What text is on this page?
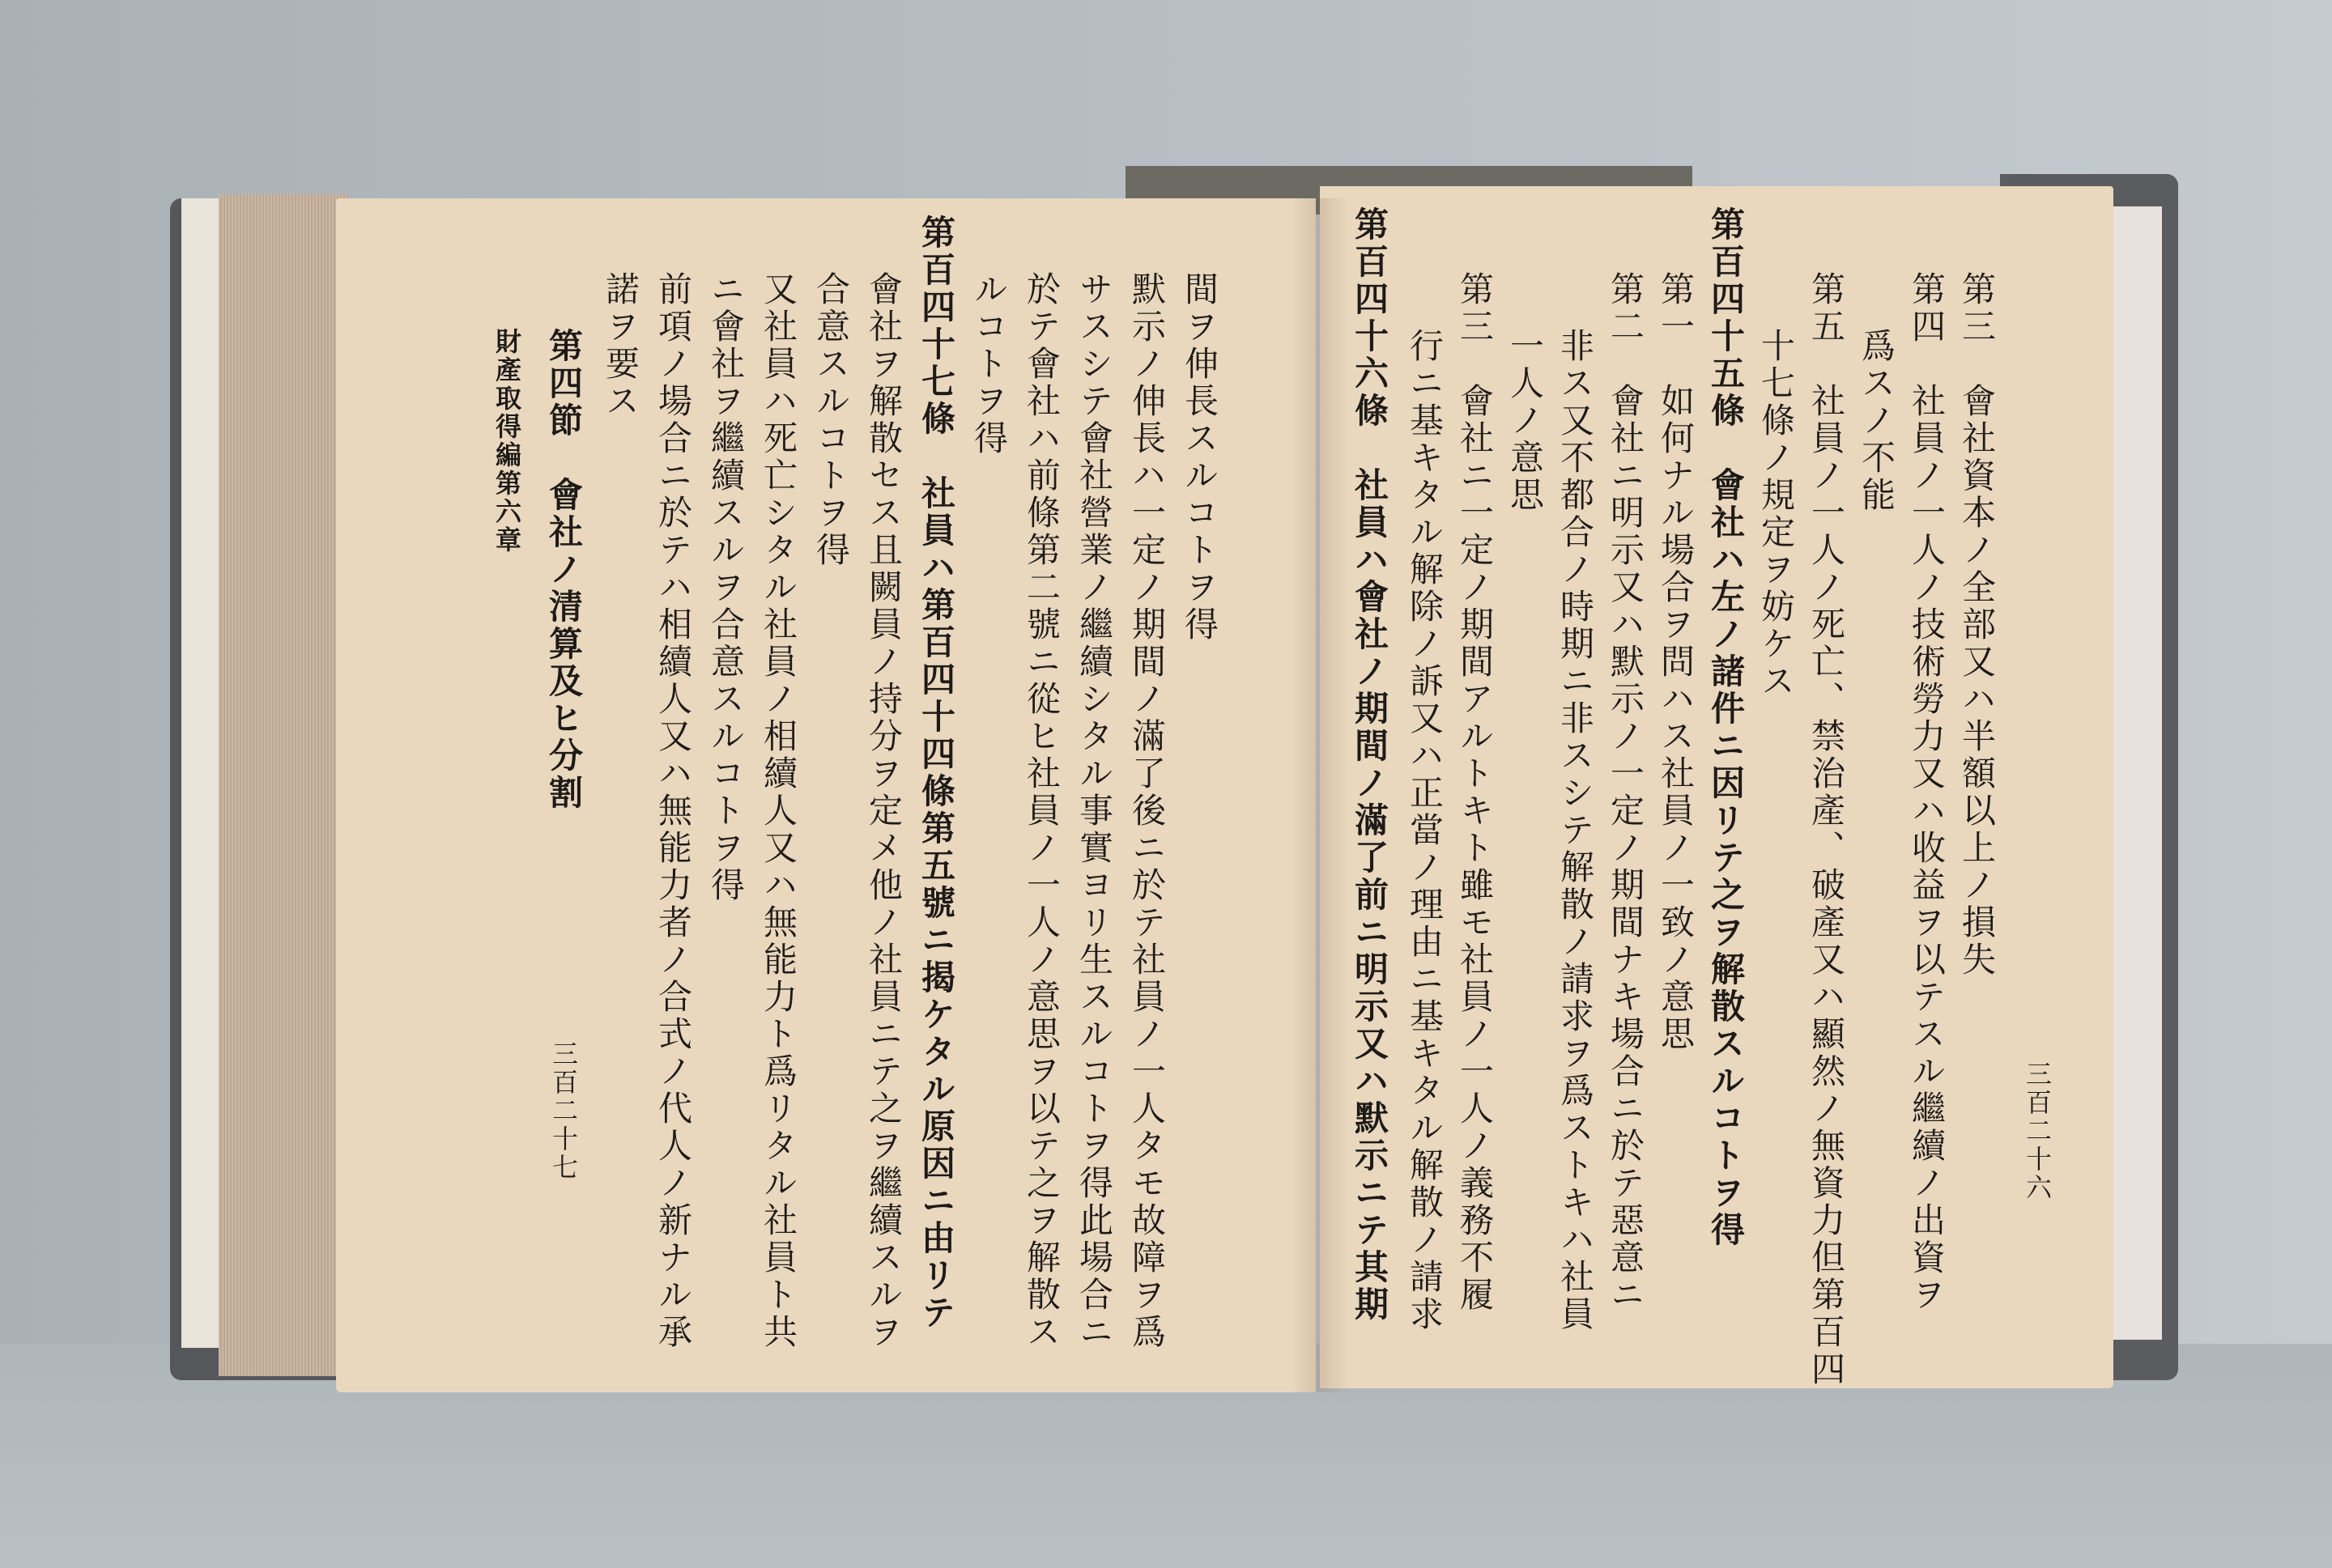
間ヲ伸長スルコトヲ得
默示ノ伸長ハ一定ノ期間ノ滿了後ニ於テ社員ノ一人タモ故障ヲ爲
サスシテ會社營業ノ繼續シタル事實ヨリ生スルコトヲ得此場合ニ
於テ會社ハ前條第二號ニ從ヒ社員ノ一人ノ意思ヲ以テ之ヲ解散ス
ルコトヲ得
第百四十七條　社員ハ第百四十四條第五號ニ揭ケタル原因ニ由リテ
會社ヲ解散セス且闕員ノ持分ヲ定メ他ノ社員ニテ之ヲ繼續スルヲ
合意スルコトヲ得
又社員ハ死亡シタル社員ノ相續人又ハ無能力ト爲リタル社員ト共
ニ會社ヲ繼續スルヲ合意スルコトヲ得
前項ノ場合ニ於テハ相續人又ハ無能力者ノ合式ノ代人ノ新ナル承
諾ヲ要ス
第四節　會社ノ清算及ヒ分割
財產取得編第六章
三百二十七	三百二十六
第三　會社資本ノ全部又ハ半額以上ノ損失
第四　社員ノ一人ノ技術勞力又ハ收益ヲ以テスル繼續ノ出資ヲ
爲スノ不能
第五　社員ノ一人ノ死亡、禁治產、破產又ハ顯然ノ無資力但第百四
十七條ノ規定ヲ妨ケス
第百四十五條　會社ハ左ノ諸件ニ因リテ之ヲ解散スルコトヲ得
第一　如何ナル場合ヲ問ハス社員ノ一致ノ意思
第二　會社ニ明示又ハ默示ノ一定ノ期間ナキ場合ニ於テ惡意ニ
非ス又不都合ノ時期ニ非スシテ解散ノ請求ヲ爲ストキハ社員
一人ノ意思
第三　會社ニ一定ノ期間アルトキト雖モ社員ノ一人ノ義務不履
行ニ基キタル解除ノ訴又ハ正當ノ理由ニ基キタル解散ノ請求
第百四十六條　社員ハ會社ノ期間ノ滿了前ニ明示又ハ默示ニテ其期
